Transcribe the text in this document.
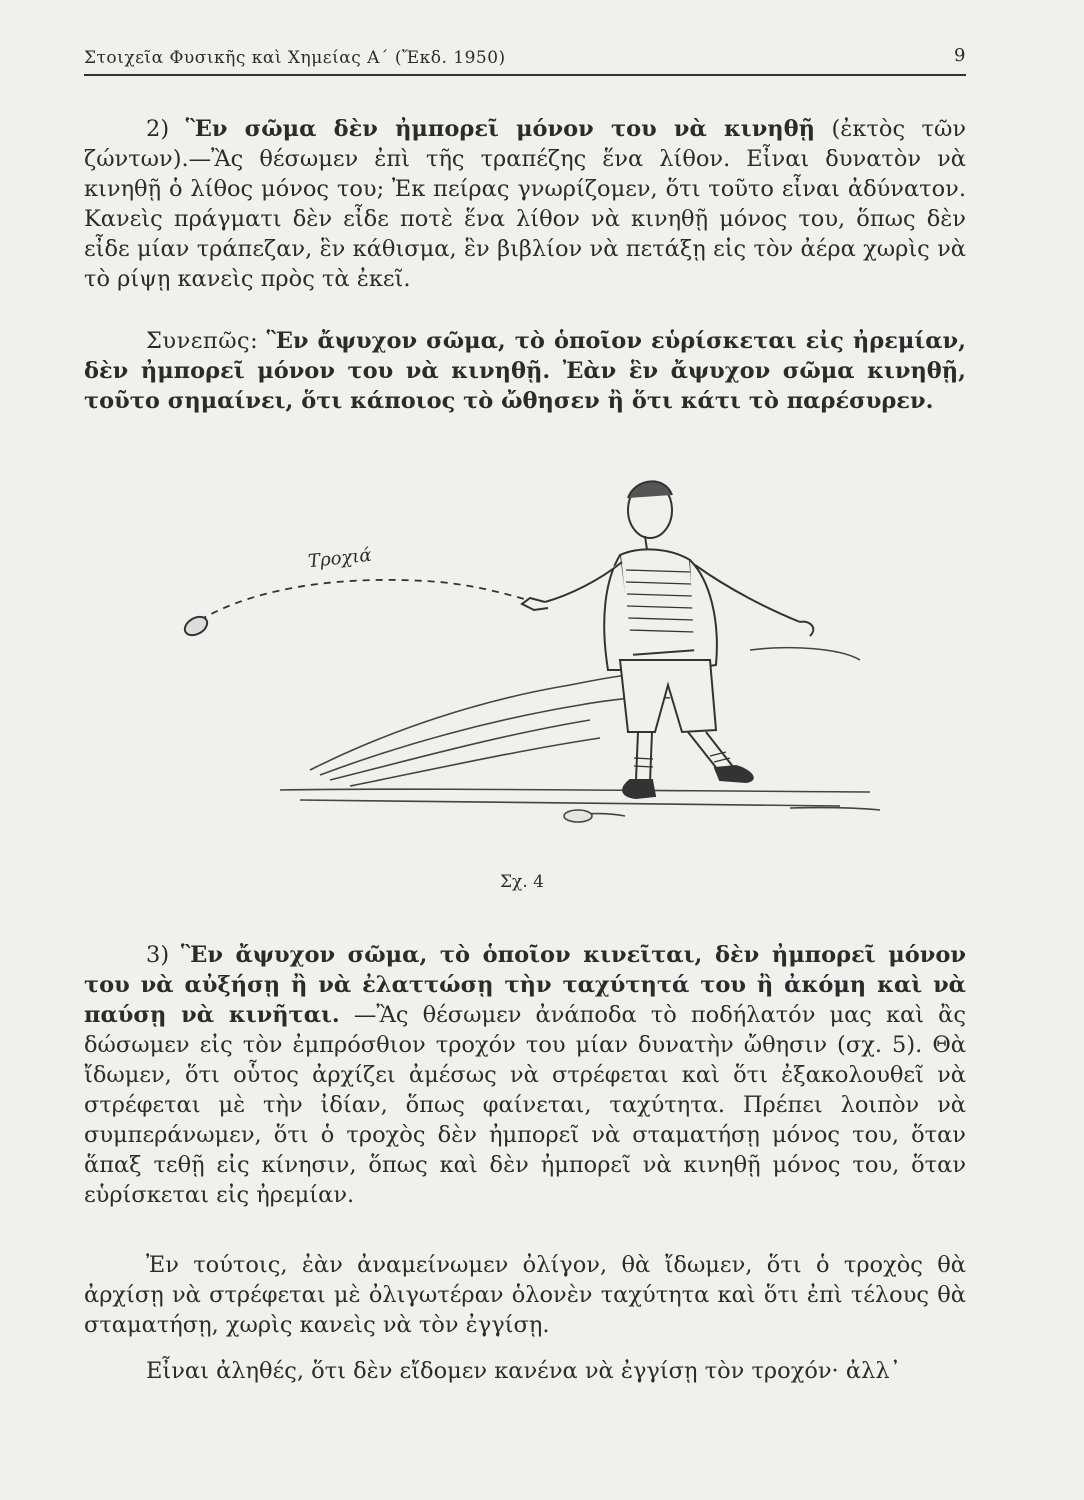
Στοιχεῖα Φυσικῆς καὶ Χημείας Α΄ (Ἔκδ. 1950)	9

2) Ἓν σῶμα δὲν ἠμπορεῖ μόνον του νὰ κινηθῇ (ἐκτὸς τῶν ζώντων).—Ἂς θέσωμεν ἐπὶ τῆς τραπέζης ἕνα λίθον. Εἶναι δυνατὸν νὰ κινηθῇ ὁ λίθος μόνος του; Ἐκ πείρας γνωρίζομεν, ὅτι τοῦτο εἶναι ἀδύνατον. Κανεὶς πράγματι δὲν εἶδε ποτὲ ἕνα λίθον νὰ κινηθῇ μόνος του, ὅπως δὲν εἶδε μίαν τράπεζαν, ἓν κάθισμα, ἓν βιβλίον νὰ πετάξῃ εἰς τὸν ἀέρα χωρὶς νὰ τὸ ρίψῃ κανεὶς πρὸς τὰ ἐκεῖ.

Συνεπῶς: Ἓν ἄψυχον σῶμα, τὸ ὁποῖον εὑρίσκεται εἰς ἠρεμίαν, δὲν ἠμπορεῖ μόνον του νὰ κινηθῇ. Ἐὰν ἓν ἄψυχον σῶμα κινηθῇ, τοῦτο σημαίνει, ὅτι κάποιος τὸ ὤθησεν ἢ ὅτι κάτι τὸ παρέσυρεν.

Τροχιά
Σχ. 4

3) Ἓν ἄψυχον σῶμα, τὸ ὁποῖον κινεῖται, δὲν ἠμπορεῖ μόνον του νὰ αὐξήσῃ ἢ νὰ ἐλαττώσῃ τὴν ταχύτητά του ἢ ἀκόμη καὶ νὰ παύσῃ νὰ κινῆται. —Ἂς θέσωμεν ἀνάποδα τὸ ποδήλατόν μας καὶ ἂς δώσωμεν εἰς τὸν ἐμπρόσθιον τροχόν του μίαν δυνατὴν ὤθησιν (σχ. 5). Θὰ ἴδωμεν, ὅτι οὗτος ἀρχίζει ἀμέσως νὰ στρέφεται καὶ ὅτι ἐξακολουθεῖ νὰ στρέφεται μὲ τὴν ἰδίαν, ὅπως φαίνεται, ταχύτητα. Πρέπει λοιπὸν νὰ συμπεράνωμεν, ὅτι ὁ τροχὸς δὲν ἠμπορεῖ νὰ σταματήσῃ μόνος του, ὅταν ἅπαξ τεθῇ εἰς κίνησιν, ὅπως καὶ δὲν ἠμπορεῖ νὰ κινηθῇ μόνος του, ὅταν εὑρίσκεται εἰς ἠρεμίαν.

Ἐν τούτοις, ἐὰν ἀναμείνωμεν ὀλίγον, θὰ ἴδωμεν, ὅτι ὁ τροχὸς θὰ ἀρχίσῃ νὰ στρέφεται μὲ ὀλιγωτέραν ὁλονὲν ταχύτητα καὶ ὅτι ἐπὶ τέλους θὰ σταματήσῃ, χωρὶς κανεὶς νὰ τὸν ἐγγίσῃ.

Εἶναι ἀληθές, ὅτι δὲν εἴδομεν κανένα νὰ ἐγγίσῃ τὸν τροχόν· ἀλλ᾿
